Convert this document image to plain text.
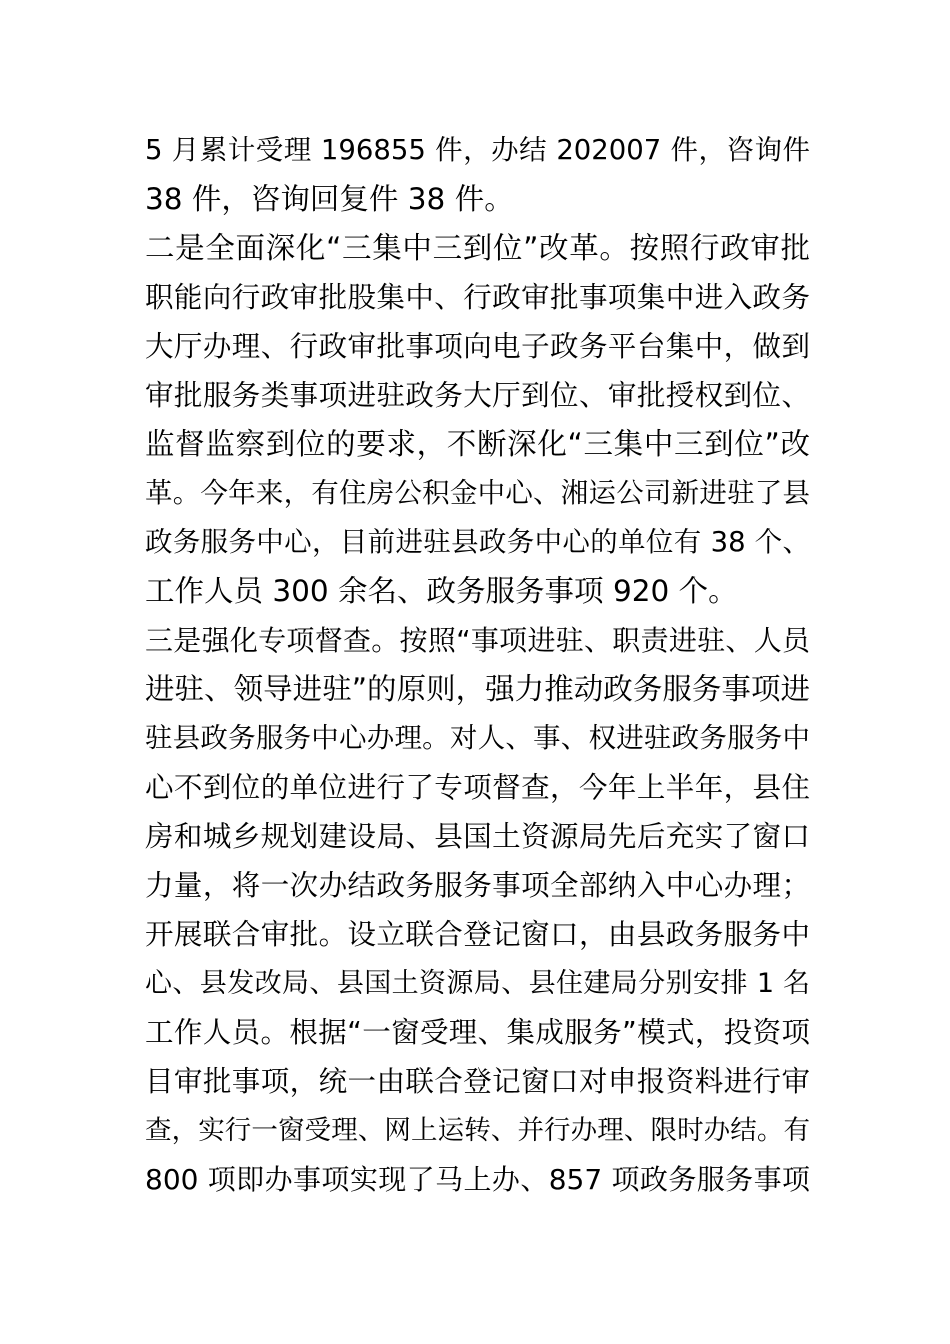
5 月累计受理 196855 件，办结 202007 件，咨询件
38 件，咨询回复件 38 件。
二是全面深化“三集中三到位”改革。按照行政审批
职能向行政审批股集中、行政审批事项集中进入政务
大厅办理、行政审批事项向电子政务平台集中，做到
审批服务类事项进驻政务大厅到位、审批授权到位、
监督监察到位的要求，不断深化“三集中三到位”改
革。今年来，有住房公积金中心、湘运公司新进驻了县
政务服务中心，目前进驻县政务中心的单位有 38 个、
工作人员 300 余名、政务服务事项 920 个。
三是强化专项督查。按照“事项进驻、职责进驻、人员
进驻、领导进驻”的原则，强力推动政务服务事项进
驻县政务服务中心办理。对人、事、权进驻政务服务中
心不到位的单位进行了专项督查，今年上半年，县住
房和城乡规划建设局、县国土资源局先后充实了窗口
力量，将一次办结政务服务事项全部纳入中心办理；
开展联合审批。设立联合登记窗口，由县政务服务中
心、县发改局、县国土资源局、县住建局分别安排 1 名
工作人员。根据“一窗受理、集成服务”模式，投资项
目审批事项，统一由联合登记窗口对申报资料进行审
查，实行一窗受理、网上运转、并行办理、限时办结。有
800 项即办事项实现了马上办、857 项政务服务事项
